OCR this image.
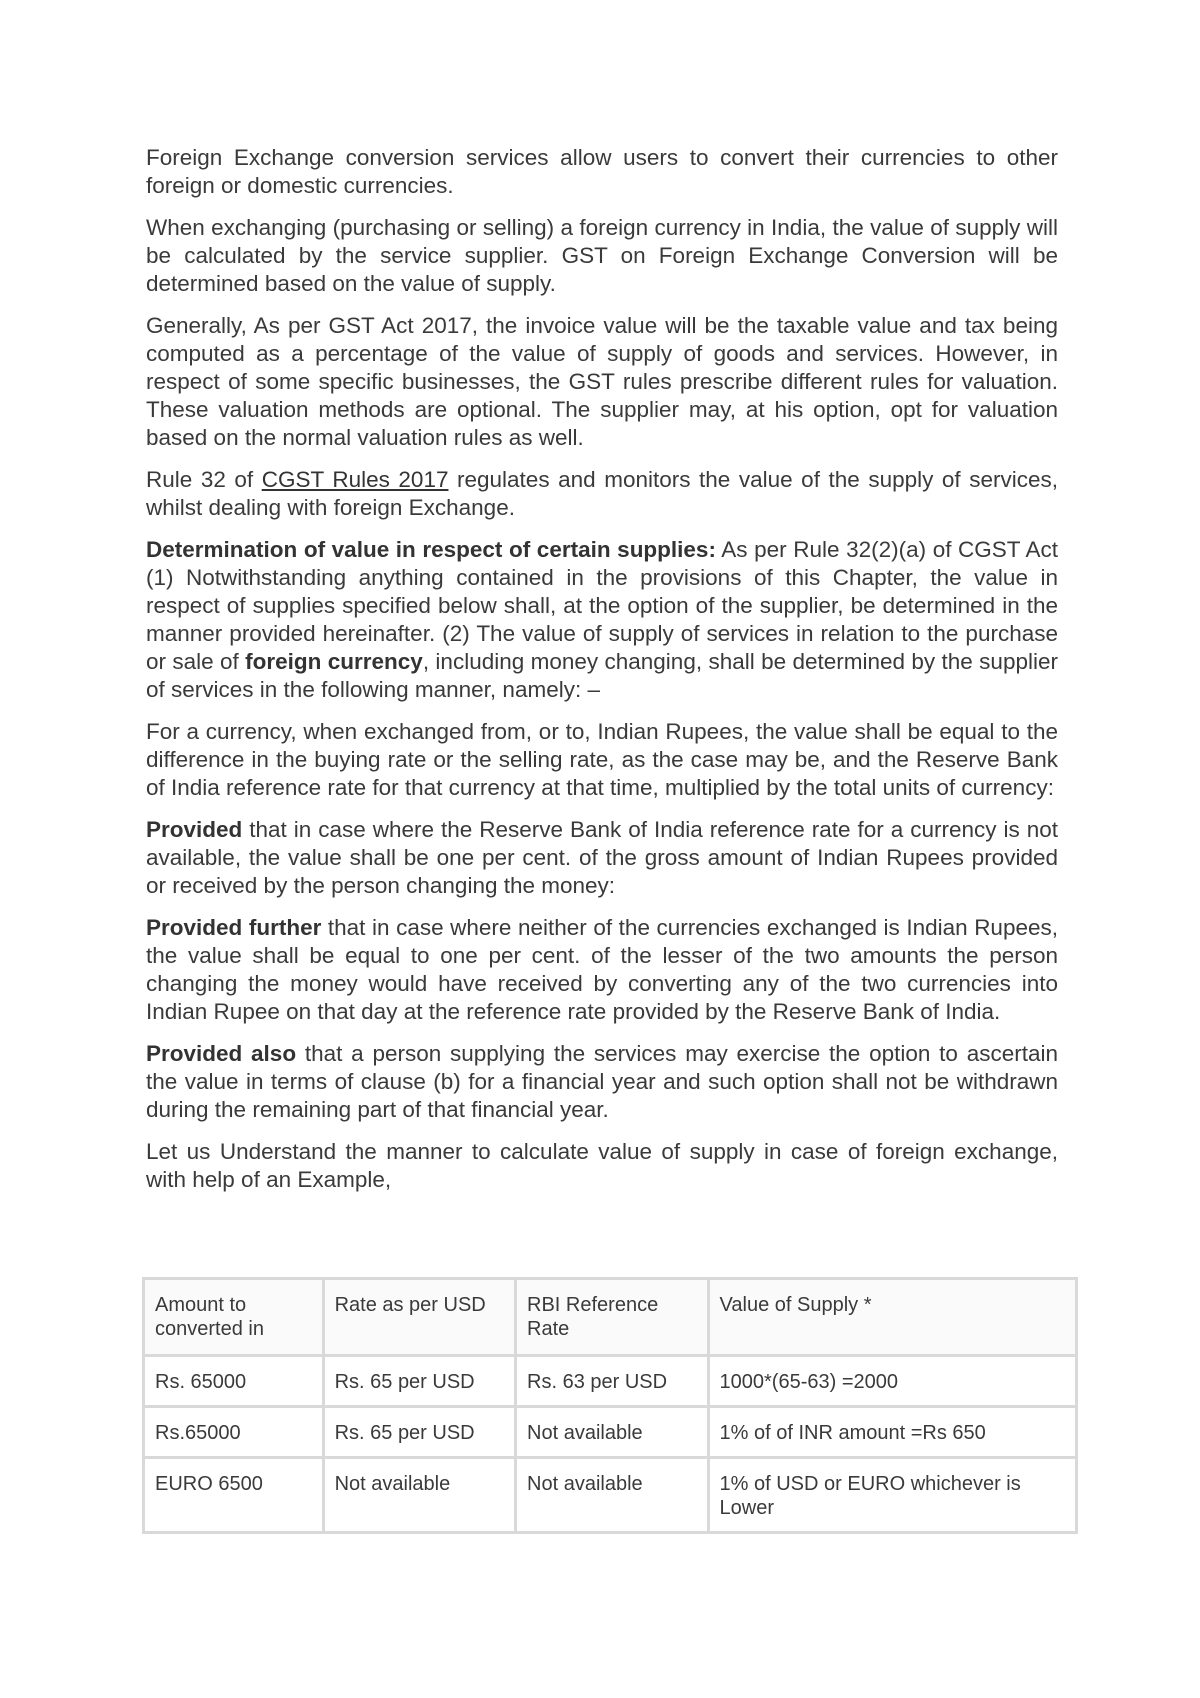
Foreign Exchange conversion services allow users to convert their currencies to other foreign or domestic currencies.

When exchanging (purchasing or selling) a foreign currency in India, the value of supply will be calculated by the service supplier. GST on Foreign Exchange Conversion will be determined based on the value of supply.

Generally, As per GST Act 2017, the invoice value will be the taxable value and tax being computed as a percentage of the value of supply of goods and services. However, in respect of some specific businesses, the GST rules prescribe different rules for valuation. These valuation methods are optional. The supplier may, at his option, opt for valuation based on the normal valuation rules as well.

Rule 32 of CGST Rules 2017 regulates and monitors the value of the supply of services, whilst dealing with foreign Exchange.

Determination of value in respect of certain supplies: As per Rule 32(2)(a) of CGST Act (1) Notwithstanding anything contained in the provisions of this Chapter, the value in respect of supplies specified below shall, at the option of the supplier, be determined in the manner provided hereinafter. (2) The value of supply of services in relation to the purchase or sale of foreign currency, including money changing, shall be determined by the supplier of services in the following manner, namely: –

For a currency, when exchanged from, or to, Indian Rupees, the value shall be equal to the difference in the buying rate or the selling rate, as the case may be, and the Reserve Bank of India reference rate for that currency at that time, multiplied by the total units of currency:

Provided that in case where the Reserve Bank of India reference rate for a currency is not available, the value shall be one per cent. of the gross amount of Indian Rupees provided or received by the person changing the money:

Provided further that in case where neither of the currencies exchanged is Indian Rupees, the value shall be equal to one per cent. of the lesser of the two amounts the person changing the money would have received by converting any of the two currencies into Indian Rupee on that day at the reference rate provided by the Reserve Bank of India.

Provided also that a person supplying the services may exercise the option to ascertain the value in terms of clause (b) for a financial year and such option shall not be withdrawn during the remaining part of that financial year.

Let us Understand the manner to calculate value of supply in case of foreign exchange, with help of an Example,

Amount to converted in	Rate as per USD	RBI Reference Rate	Value of Supply *
Rs. 65000	Rs. 65 per USD	Rs. 63 per USD	1000*(65-63) =2000
Rs.65000	Rs. 65 per USD	Not available	1% of of INR amount =Rs 650
EURO 6500	Not available	Not available	1% of USD or EURO whichever is Lower
